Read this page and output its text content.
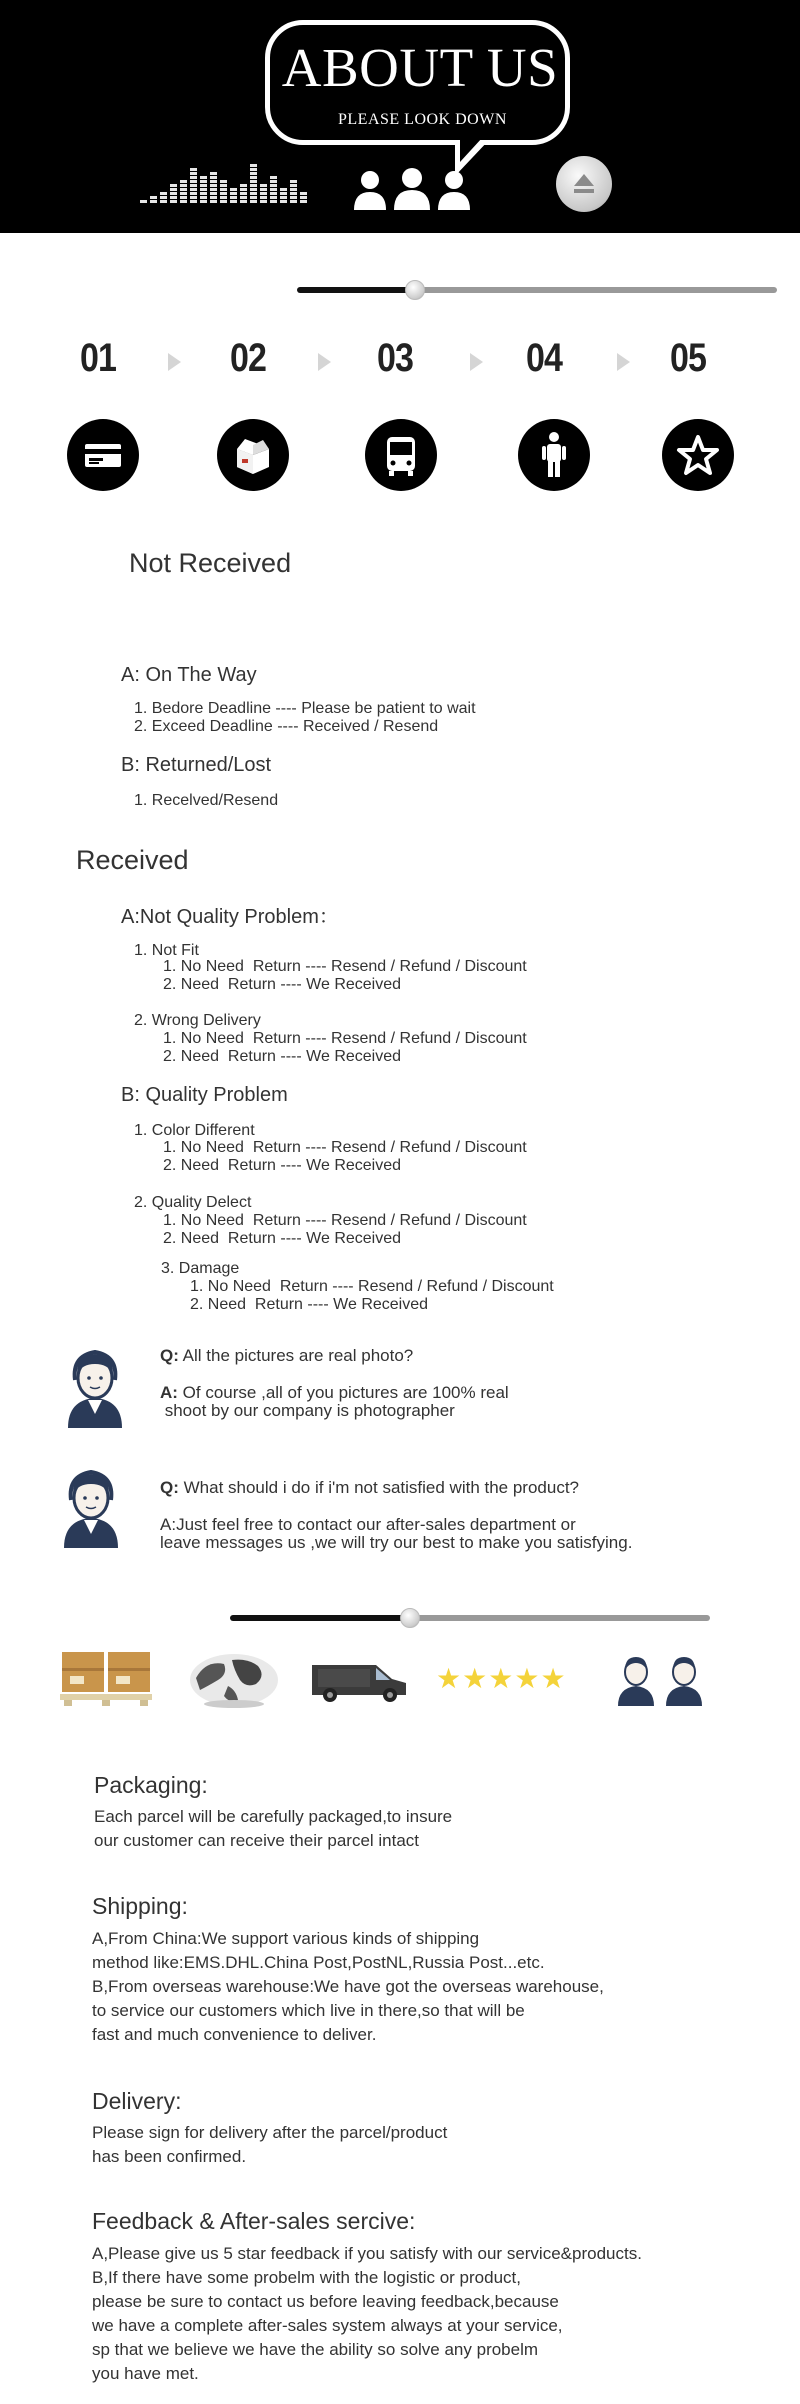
ABOUT US
PLEASE LOOK DOWN
01	02	03	04	05
Not Received
A: On The Way
1. Bedore Deadline ---- Please be patient to wait
2. Exceed Deadline ---- Received / Resend
B: Returned/Lost
1. Recelved/Resend
Received
A:Not Quality Problem：
1. Not Fit
1. No Need  Return ---- Resend / Refund / Discount
2. Need  Return ---- We Received
2. Wrong Delivery
1. No Need  Return ---- Resend / Refund / Discount
2. Need  Return ---- We Received
B: Quality Problem
1. Color Different
1. No Need  Return ---- Resend / Refund / Discount
2. Need  Return ---- We Received
2. Quality Delect
1. No Need  Return ---- Resend / Refund / Discount
2. Need  Return ---- We Received
3. Damage
1. No Need  Return ---- Resend / Refund / Discount
2. Need  Return ---- We Received
Q: All the pictures are real photo?
A: Of course ,all of you pictures are 100% real
shoot by our company is photographer
Q: What should i do if i'm not satisfied with the product?
A:Just feel free to contact our after-sales department or
leave messages us ,we will try our best to make you satisfying.
★ ★ ★ ★ ★
Packaging:
Each parcel will be carefully packaged,to insure
our customer can receive their parcel intact
Shipping:
A,From China:We support various kinds of shipping
method like:EMS.DHL.China Post,PostNL,Russia Post...etc.
B,From overseas warehouse:We have got the overseas warehouse,
to service our customers which live in there,so that will be
fast and much convenience to deliver.
Delivery:
Please sign for delivery after the parcel/product
has been confirmed.
Feedback & After-sales sercive:
A,Please give us 5 star feedback if you satisfy with our service&products.
B,If there have some probelm with the logistic or product,
please be sure to contact us before leaving feedback,because
we have a complete after-sales system always at your service,
sp that we believe we have the ability so solve any probelm
you have met.
